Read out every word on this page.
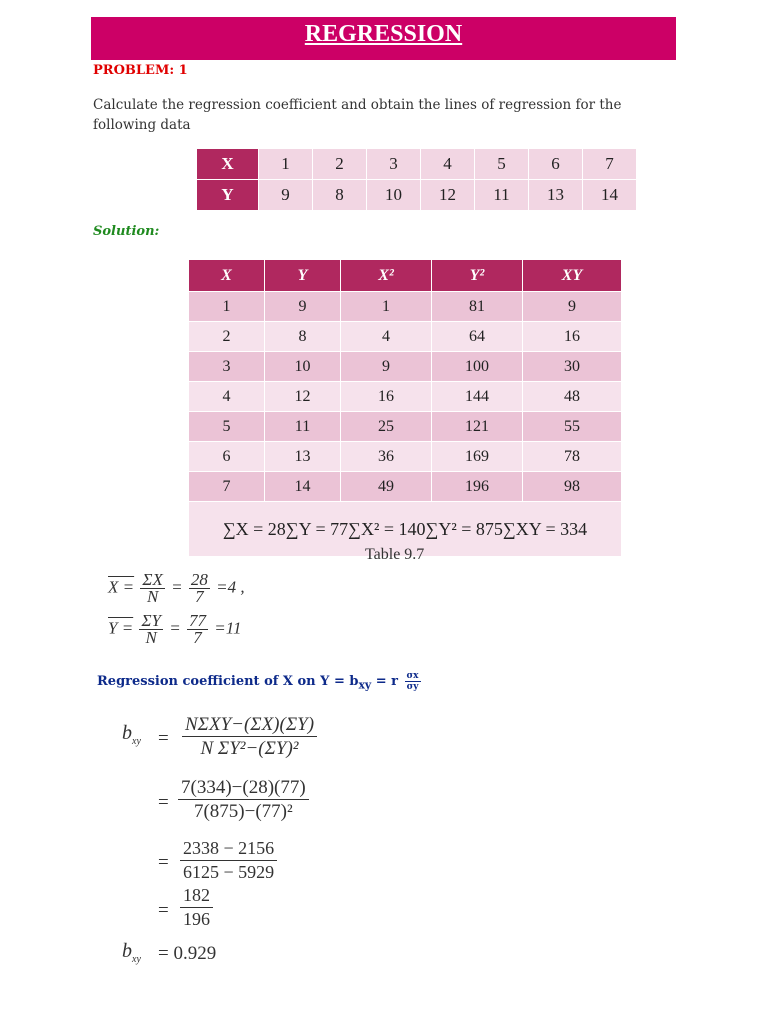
REGRESSION
PROBLEM: 1
Calculate the regression coefficient and obtain the lines of regression for the following data
X	1	2	3	4	5	6	7
Y	9	8	10	12	11	13	14
Solution:
X	Y	X²	Y²	XY
1	9	1	81	9
2	8	4	64	16
3	10	9	100	30
4	12	16	144	48
5	11	25	121	55
6	13	36	169	78
7	14	49	196	98
∑X = 28∑Y = 77∑X² = 140∑Y² = 875∑XY = 334				
Table 9.7
$X = \frac{\Sigma X}{N} = \frac{28}{7} =4$ ,
$Y = \frac{\Sigma Y}{N} = \frac{77}{7} =11$
Regression coefficient of X on $Y = b_{xy} = r \frac{\sigma x}{\sigma y}$
$b_{xy}$ =
NΣXY−(ΣX)(ΣY)
N ΣY²−(ΣY)²
= $\frac{7(334)-(28)(77)}{\text{7(875)−(77)²}}$
= $\frac{2338 - 2156}{6125 - 5929}$
= $\frac{182}{196}$
$b_{xy} = 0.929$
